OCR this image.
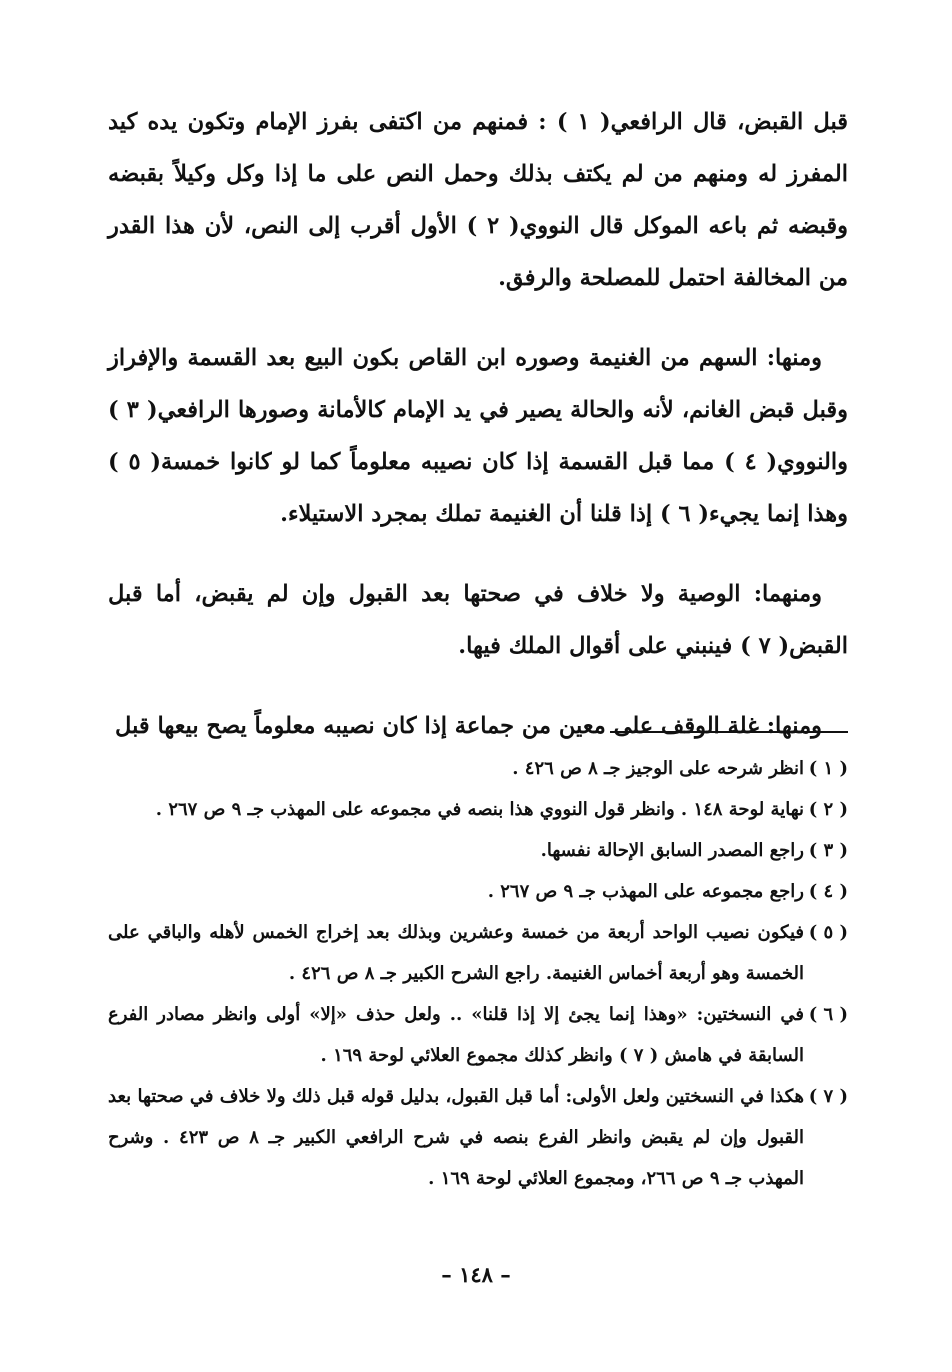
قبل القبض، قال الرافعي( ١ ) : فمنهم من اكتفى بفرز الإمام وتكون يده كيد المفرز له ومنهم من لم يكتف بذلك وحمل النص على ما إذا وكل وكيلاً بقبضه وقبضه ثم باعه الموكل قال النووي( ٢ ) الأول أقرب إلى النص، لأن هذا القدر من المخالفة احتمل للمصلحة والرفق.

ومنها: السهم من الغنيمة وصوره ابن القاص بكون البيع بعد القسمة والإفراز وقبل قبض الغانم، لأنه والحالة يصير في يد الإمام كالأمانة وصورها الرافعي( ٣ ) والنووي( ٤ ) مما قبل القسمة إذا كان نصيبه معلوماً كما لو كانوا خمسة( ٥ ) وهذا إنما يجيء( ٦ ) إذا قلنا أن الغنيمة تملك بمجرد الاستيلاء.

ومنهما: الوصية ولا خلاف في صحتها بعد القبول وإن لم يقبض، أما قبل القبض( ٧ ) فينبني على أقوال الملك فيها.

ومنها: غلة الوقف على معين من جماعة إذا كان نصيبه معلوماً يصح بيعها قبل

( ١ )
انظر شرحه على الوجيز جـ ٨ ص ٤٢٦ .

( ٢ )
نهاية لوحة ١٤٨ . وانظر قول النووي هذا بنصه في مجموعه على المهذب جـ ٩ ص ٢٦٧ .

( ٣ )
راجع المصدر السابق الإحالة نفسها.

( ٤ )
راجع مجموعه على المهذب جـ ٩ ص ٢٦٧ .

( ٥ )
فيكون نصيب الواحد أربعة من خمسة وعشرين وبذلك بعد إخراج الخمس لأهله والباقي على الخمسة وهو أربعة أخماس الغنيمة. راجع الشرح الكبير جـ ٨ ص ٤٢٦ .

( ٦ )
في النسختين: «وهذا إنما يجئ إلا إذا قلنا» .. ولعل حذف «إلا» أولى وانظر مصادر الفرع السابقة في هامش ( ٧ ) وانظر كذلك مجموع العلائي لوحة ١٦٩ .

( ٧ )
هكذا في النسختين ولعل الأولى: أما قبل القبول، بدليل قوله قبل ذلك ولا خلاف في صحتها بعد القبول وإن لم يقبض وانظر الفرع بنصه في شرح الرافعي الكبير جـ ٨ ص ٤٢٣ . وشرح المهذب جـ ٩ ص ٢٦٦، ومجموع العلائي لوحة ١٦٩ .

– ١٤٨ –
